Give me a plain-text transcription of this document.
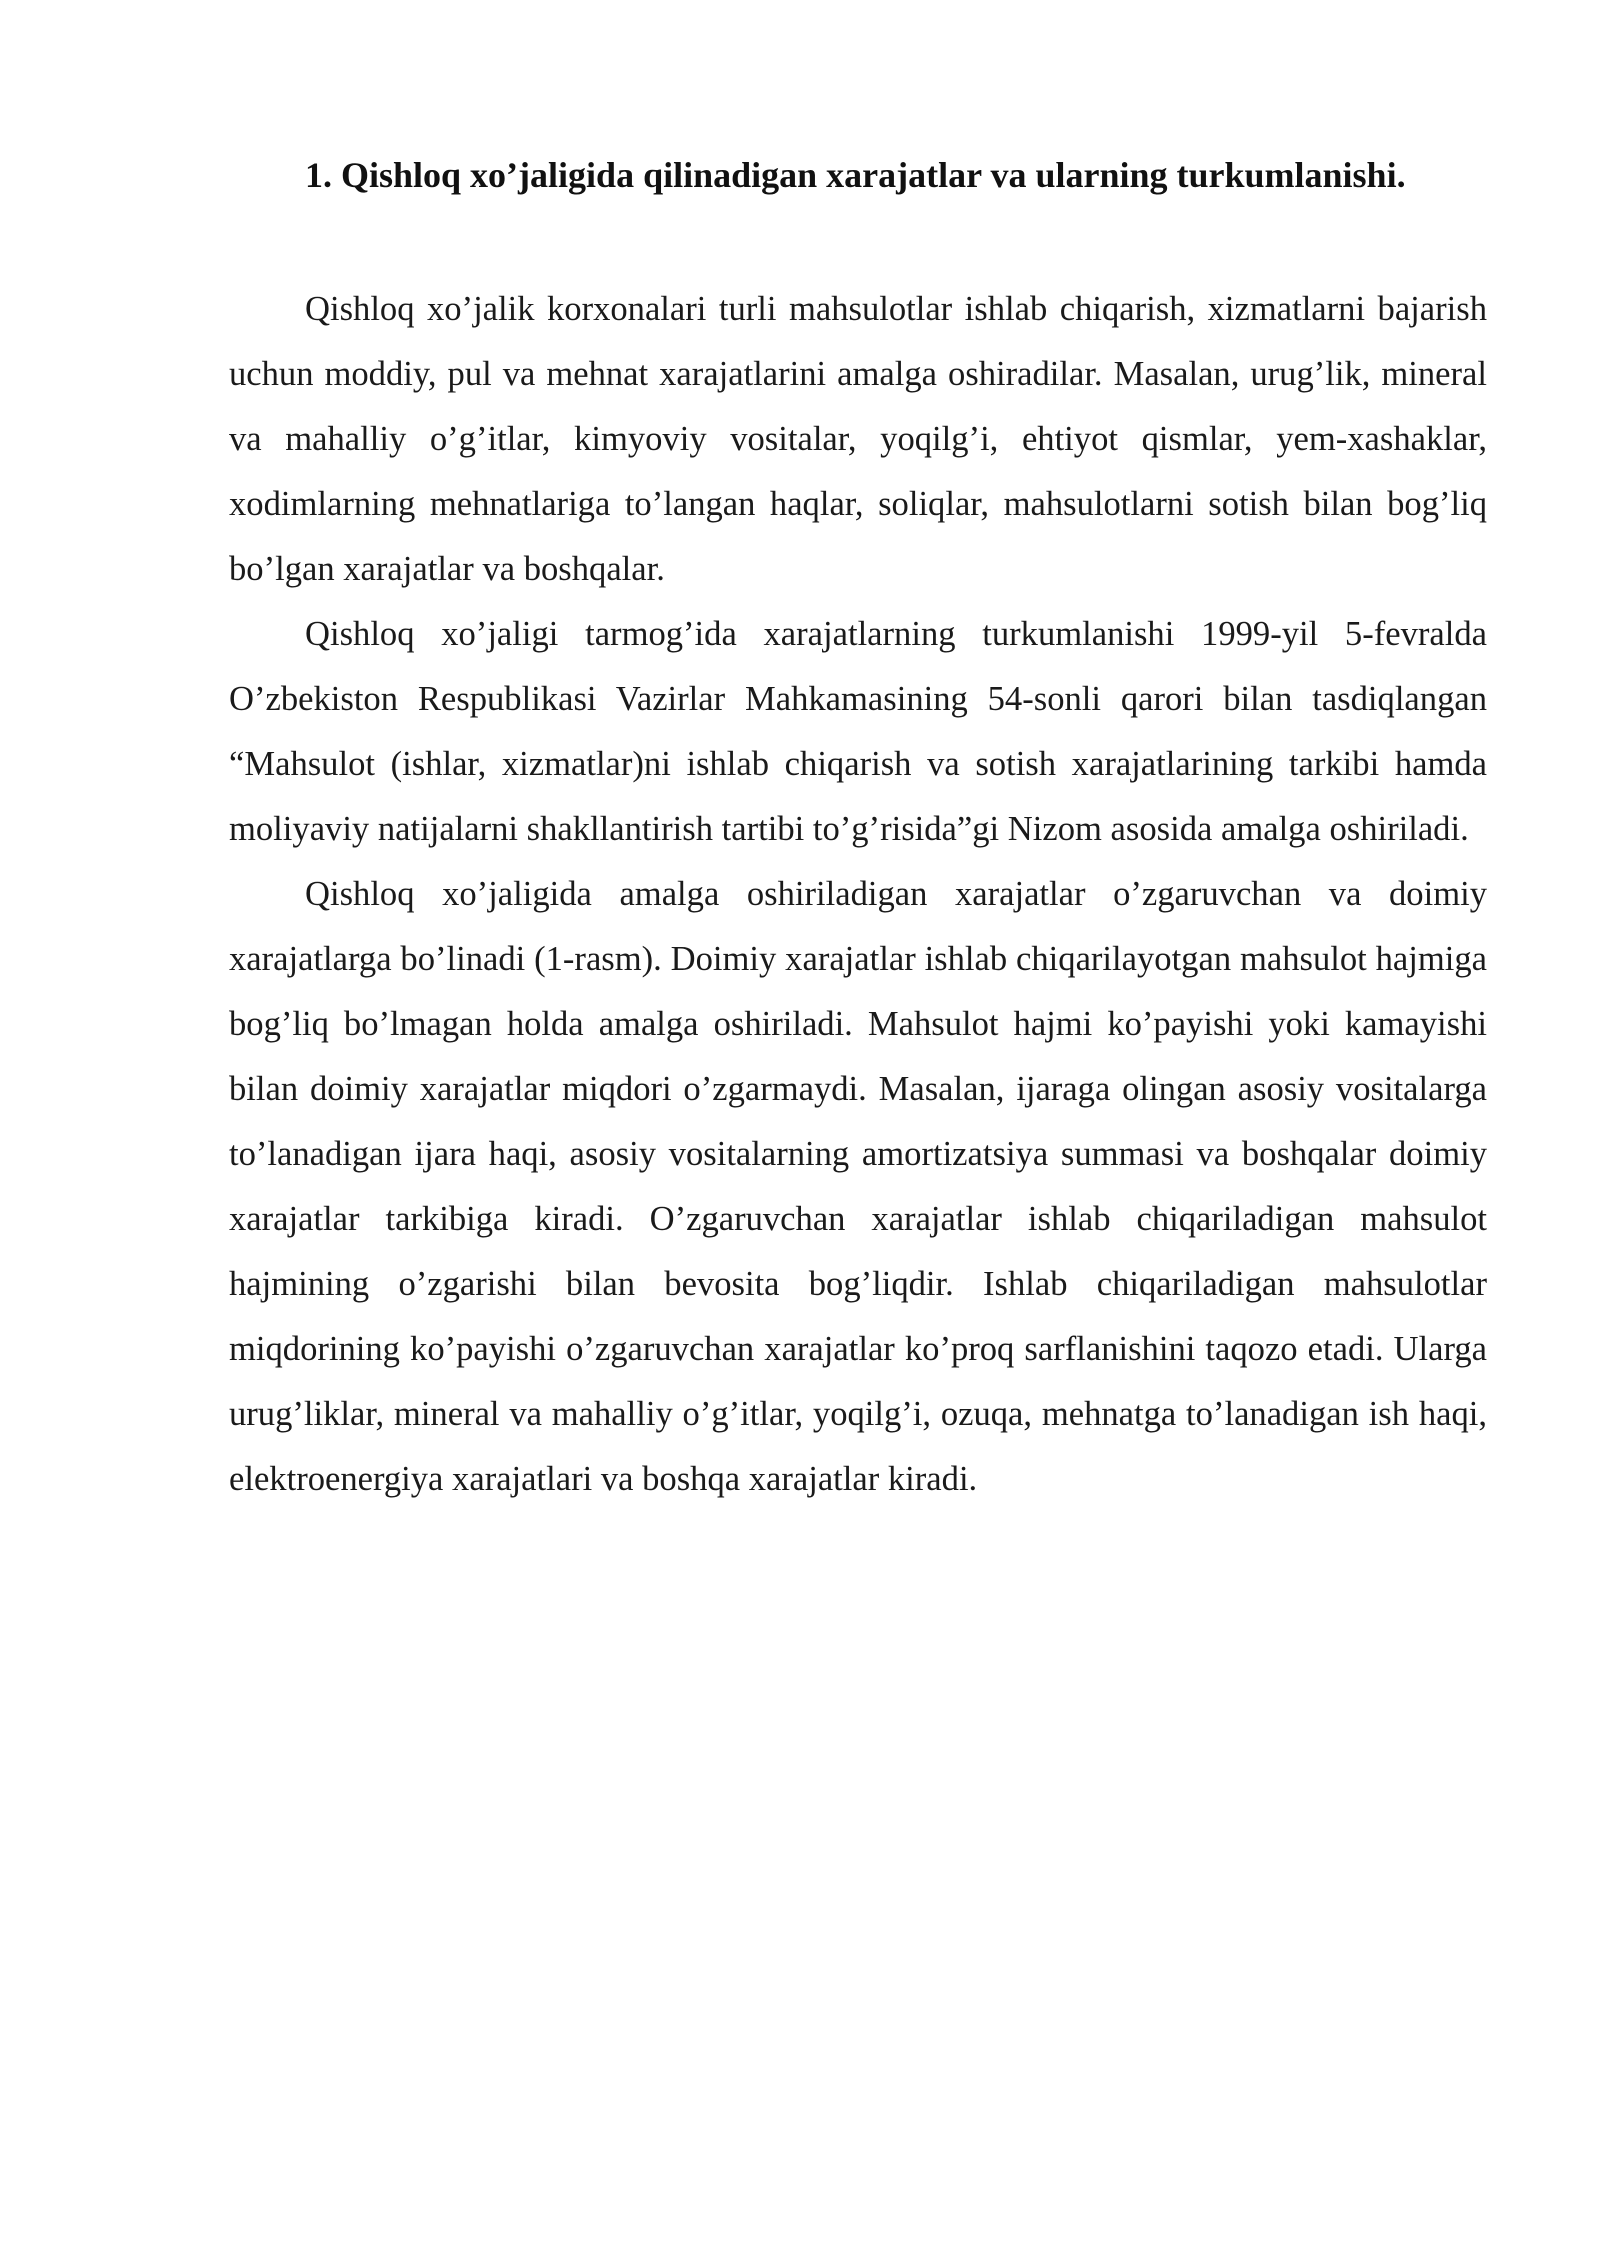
1. Qishloq xo’jaligida qilinadigan xarajatlar va ularning turkumlanishi.

Qishloq xo’jalik korxonalari turli mahsulotlar ishlab chiqarish, xizmatlarni bajarish uchun moddiy, pul va mehnat xarajatlarini amalga oshiradilar. Masalan, urug’lik, mineral va mahalliy o’g’itlar, kimyoviy vositalar, yoqilg’i, ehtiyot qismlar, yem-xashaklar, xodimlarning mehnatlariga to’langan haqlar, soliqlar, mahsulotlarni sotish bilan bog’liq bo’lgan xarajatlar va boshqalar.

Qishloq xo’jaligi tarmog’ida xarajatlarning turkumlanishi 1999-yil 5-fevralda O’zbekiston Respublikasi Vazirlar Mahkamasining 54-sonli qarori bilan tasdiqlangan “Mahsulot (ishlar, xizmatlar)ni ishlab chiqarish va sotish xarajatlarining tarkibi hamda moliyaviy natijalarni shakllantirish tartibi to’g’risida”gi Nizom asosida amalga oshiriladi.

Qishloq xo’jaligida amalga oshiriladigan xarajatlar o’zgaruvchan va doimiy xarajatlarga bo’linadi (1-rasm). Doimiy xarajatlar ishlab chiqarilayotgan mahsulot hajmiga bog’liq bo’lmagan holda amalga oshiriladi. Mahsulot hajmi ko’payishi yoki kamayishi bilan doimiy xarajatlar miqdori o’zgarmaydi. Masalan, ijaraga olingan asosiy vositalarga to’lanadigan ijara haqi, asosiy vositalarning amortizatsiya summasi va boshqalar doimiy xarajatlar tarkibiga kiradi. O’zgaruvchan xarajatlar ishlab chiqariladigan mahsulot hajmining o’zgarishi bilan bevosita bog’liqdir. Ishlab chiqariladigan mahsulotlar miqdorining ko’payishi o’zgaruvchan xarajatlar ko’proq sarflanishini taqozo etadi. Ularga urug’liklar, mineral va mahalliy o’g’itlar, yoqilg’i, ozuqa, mehnatga to’lanadigan ish haqi, elektroenergiya xarajatlari va boshqa xarajatlar kiradi.
